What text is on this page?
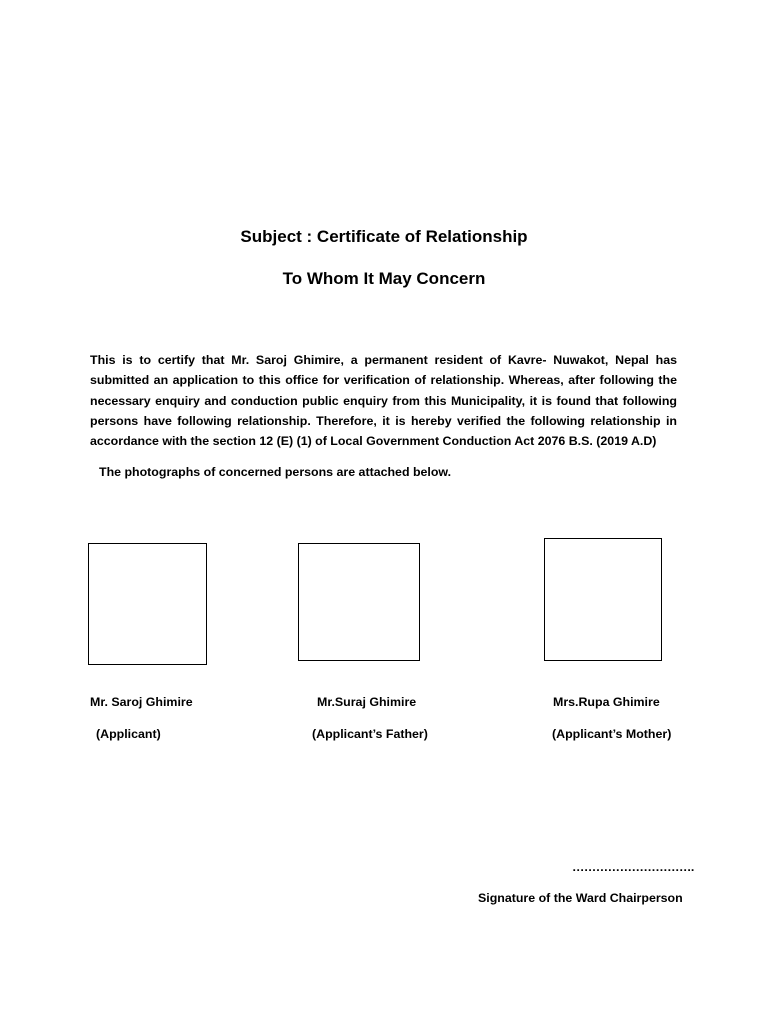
Subject : Certificate of Relationship
To Whom It May Concern
This is to certify that Mr. Saroj Ghimire, a permanent resident of Kavre- Nuwakot, Nepal has submitted an application to this office for verification of relationship. Whereas, after following the necessary enquiry and conduction public enquiry from this Municipality, it is found that following persons have following relationship. Therefore, it is hereby verified the following relationship in accordance with the section 12 (E) (1) of Local Government Conduction Act 2076 B.S. (2019 A.D)
The photographs of concerned persons are attached below.
Mr. Saroj Ghimire	Mr.Suraj Ghimire	Mrs.Rupa Ghimire
(Applicant)	(Applicant’s Father)	(Applicant’s Mother)
………………………….
Signature of the Ward Chairperson
